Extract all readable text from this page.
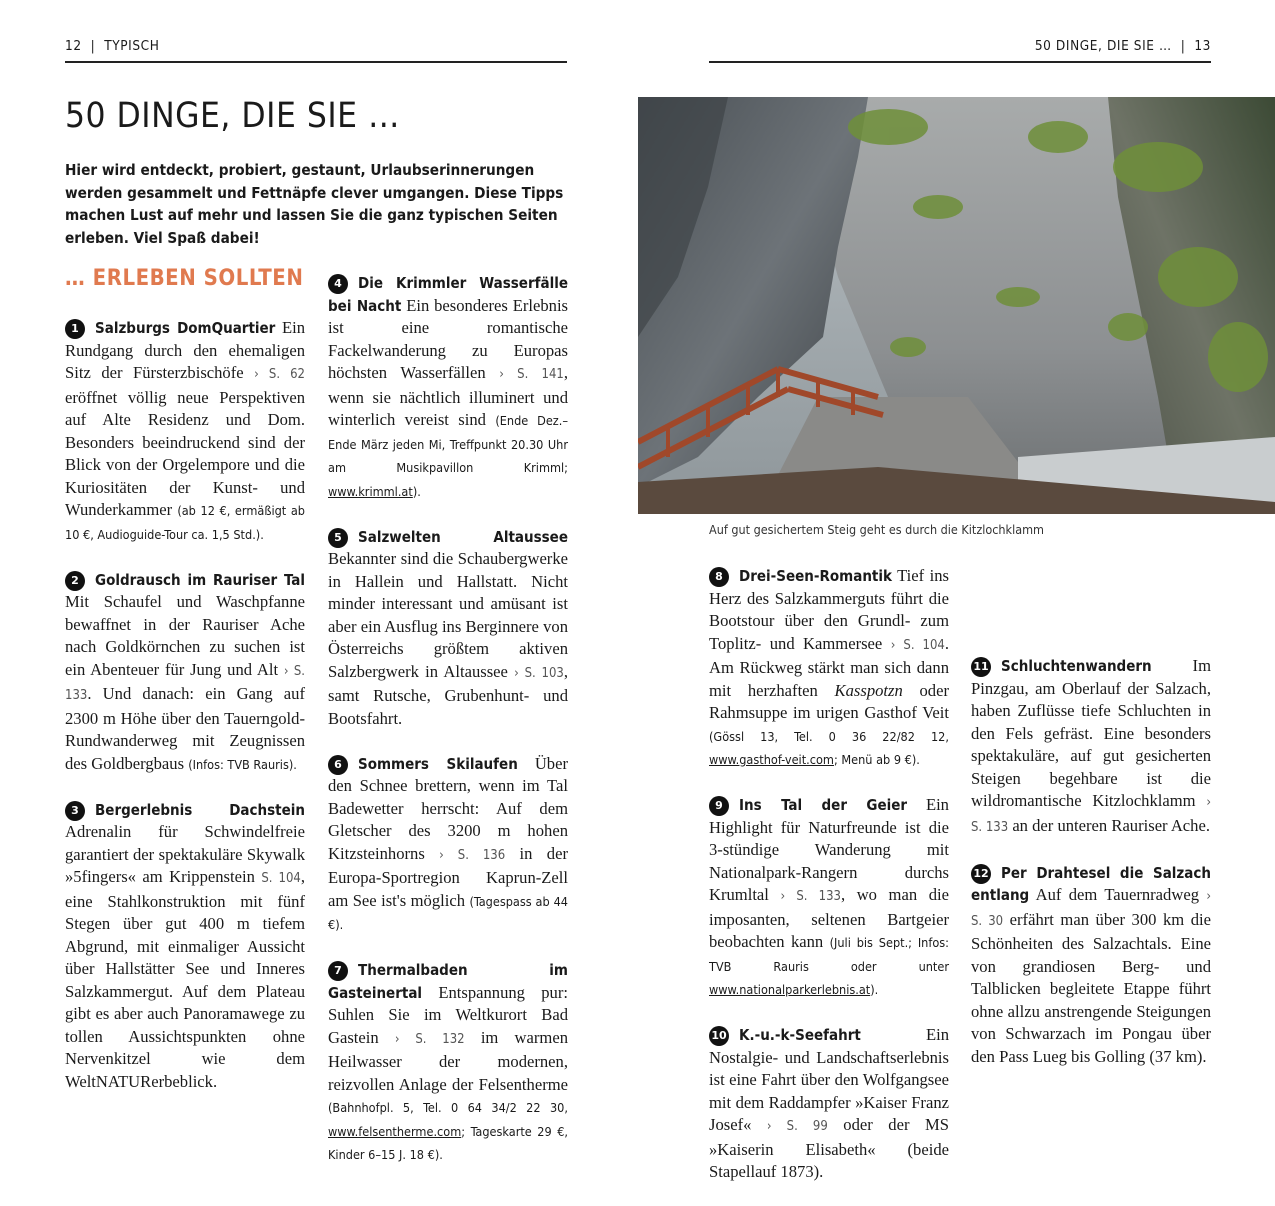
12 | TYPISCH	50 DINGE, DIE SIE … | 13
50 DINGE, DIE SIE …

Hier wird entdeckt, probiert, gestaunt, Urlaubserinnerungen werden gesammelt und Fettnäpfe clever umgangen. Diese Tipps machen Lust auf mehr und lassen Sie die ganz typischen Seiten erleben. Viel Spaß dabei!

… ERLEBEN SOLLTEN

1 Salzburgs DomQuartier Ein Rundgang durch den ehemaligen Sitz der Fürsterzbischöfe › S. 62 eröffnet völlig neue Perspektiven auf Alte Residenz und Dom. Besonders beeindruckend sind der Blick von der Orgelempore und die Kuriositäten der Kunst- und Wunderkammer (ab 12 €, ermäßigt ab 10 €, Audioguide-Tour ca. 1,5 Std.).

2 Goldrausch im Rauriser Tal Mit Schaufel und Waschpfanne bewaffnet in der Rauriser Ache nach Goldkörnchen zu suchen ist ein Abenteuer für Jung und Alt › S. 133. Und danach: ein Gang auf 2300 m Höhe über den Tauerngold-Rundwanderweg mit Zeugnissen des Goldbergbaus (Infos: TVB Rauris).

3 Bergerlebnis Dachstein Adrenalin für Schwindelfreie garantiert der spektakuläre Skywalk »5fingers« am Krippenstein S. 104, eine Stahlkonstruktion mit fünf Stegen über gut 400 m tiefem Abgrund, mit einmaliger Aussicht über Hallstätter See und Inneres Salzkammergut. Auf dem Plateau gibt es aber auch Panoramawege zu tollen Aussichtspunkten ohne Nervenkitzel wie dem WeltNATURerbeblick.

4 Die Krimmler Wasserfälle bei Nacht Ein besonderes Erlebnis ist eine romantische Fackelwanderung zu Europas höchsten Wasserfällen › S. 141, wenn sie nächtlich illuminert und winterlich vereist sind (Ende Dez.–Ende März jeden Mi, Treffpunkt 20.30 Uhr am Musikpavillon Krimml; www.krimml.at).

5 Salzwelten Altaussee Bekannter sind die Schaubergwerke in Hallein und Hallstatt. Nicht minder interessant und amüsant ist aber ein Ausflug ins Berginnere von Österreichs größtem aktiven Salzbergwerk in Altaussee › S. 103, samt Rutsche, Grubenhunt- und Bootsfahrt.

6 Sommers Skilaufen Über den Schnee brettern, wenn im Tal Badewetter herrscht: Auf dem Gletscher des 3200 m hohen Kitzsteinhorns › S. 136 in der Europa-Sportregion Kaprun-Zell am See ist's möglich (Tagespass ab 44 €).

7 Thermalbaden im Gasteinertal Entspannung pur: Suhlen Sie im Weltkurort Bad Gastein › S. 132 im warmen Heilwasser der modernen, reizvollen Anlage der Felsentherme (Bahnhofpl. 5, Tel. 0 64 34/2 22 30, www.felsentherme.com; Tageskarte 29 €, Kinder 6–15 J. 18 €).

Auf gut gesichertem Steig geht es durch die Kitzlochklamm

8 Drei-Seen-Romantik Tief ins Herz des Salzkammerguts führt die Bootstour über den Grundl- zum Toplitz- und Kammersee › S. 104. Am Rückweg stärkt man sich dann mit herzhaften Kasspotzn oder Rahmsuppe im urigen Gasthof Veit (Gössl 13, Tel. 0 36 22/82 12, www.gasthof-veit.com; Menü ab 9 €).

9 Ins Tal der Geier Ein Highlight für Naturfreunde ist die 3-stündige Wanderung mit Nationalpark-Rangern durchs Krumltal › S. 133, wo man die imposanten, seltenen Bartgeier beobachten kann (Juli bis Sept.; Infos: TVB Rauris oder unter www.nationalparkerlebnis.at).

10 K.-u.-k-Seefahrt Ein Nostalgie- und Landschaftserlebnis ist eine Fahrt über den Wolfgangsee mit dem Raddampfer »Kaiser Franz Josef« › S. 99 oder der MS »Kaiserin Elisabeth« (beide Stapellauf 1873).

11 Schluchtenwandern Im Pinzgau, am Oberlauf der Salzach, haben Zuflüsse tiefe Schluchten in den Fels gefräst. Eine besonders spektakuläre, auf gut gesicherten Steigen begehbare ist die wildromantische Kitzlochklamm › S. 133 an der unteren Rauriser Ache.

12 Per Drahtesel die Salzach entlang Auf dem Tauernradweg › S. 30 erfährt man über 300 km die Schönheiten des Salzachtals. Eine von grandiosen Berg- und Talblicken begleitete Etappe führt ohne allzu anstrengende Steigungen von Schwarzach im Pongau über den Pass Lueg bis Golling (37 km).
